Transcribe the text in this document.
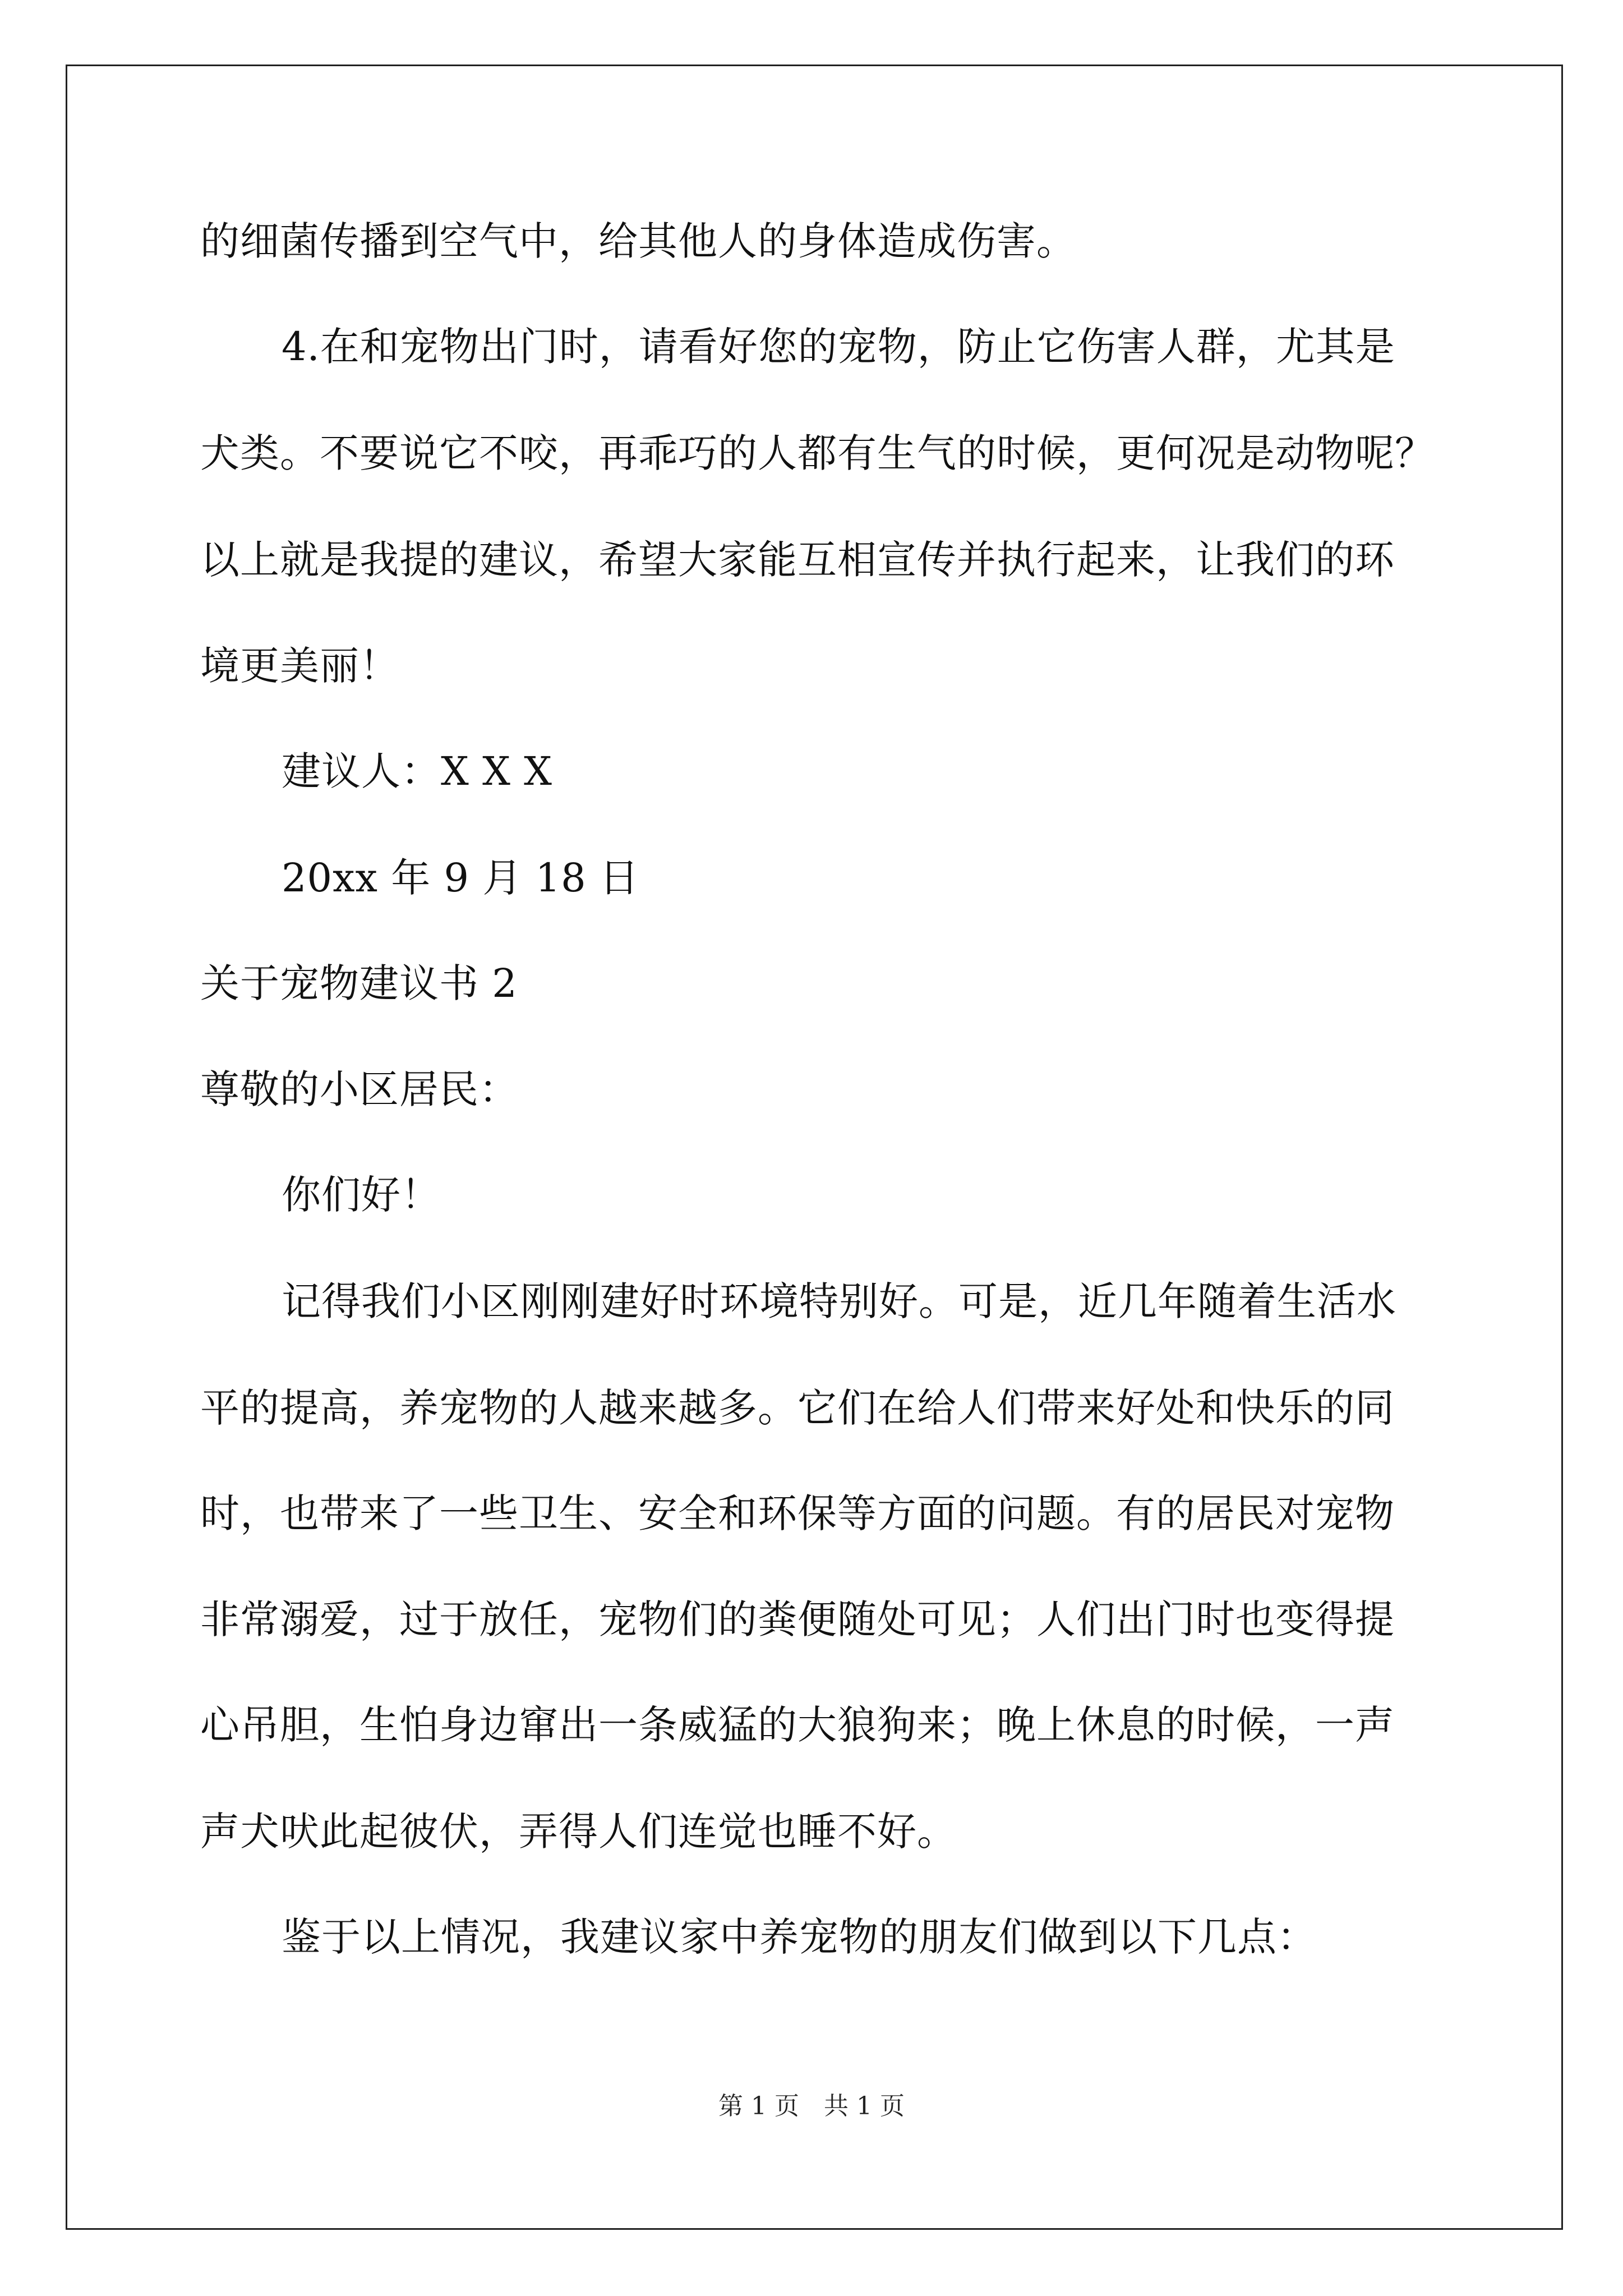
的细菌传播到空气中，给其他人的身体造成伤害。
4.在和宠物出门时，请看好您的宠物，防止它伤害人群，尤其是
犬类。不要说它不咬，再乖巧的人都有生气的时候，更何况是动物呢？
以上就是我提的建议，希望大家能互相宣传并执行起来，让我们的环
境更美丽！
建议人：X X X
20xx 年 9 月 18 日
关于宠物建议书 2
尊敬的小区居民：
你们好！
记得我们小区刚刚建好时环境特别好。可是，近几年随着生活水
平的提高，养宠物的人越来越多。它们在给人们带来好处和快乐的同
时，也带来了一些卫生、安全和环保等方面的问题。有的居民对宠物
非常溺爱，过于放任，宠物们的粪便随处可见；人们出门时也变得提
心吊胆，生怕身边窜出一条威猛的大狼狗来；晚上休息的时候，一声
声犬吠此起彼伏，弄得人们连觉也睡不好。
鉴于以上情况，我建议家中养宠物的朋友们做到以下几点：
第 1 页　共 1 页
